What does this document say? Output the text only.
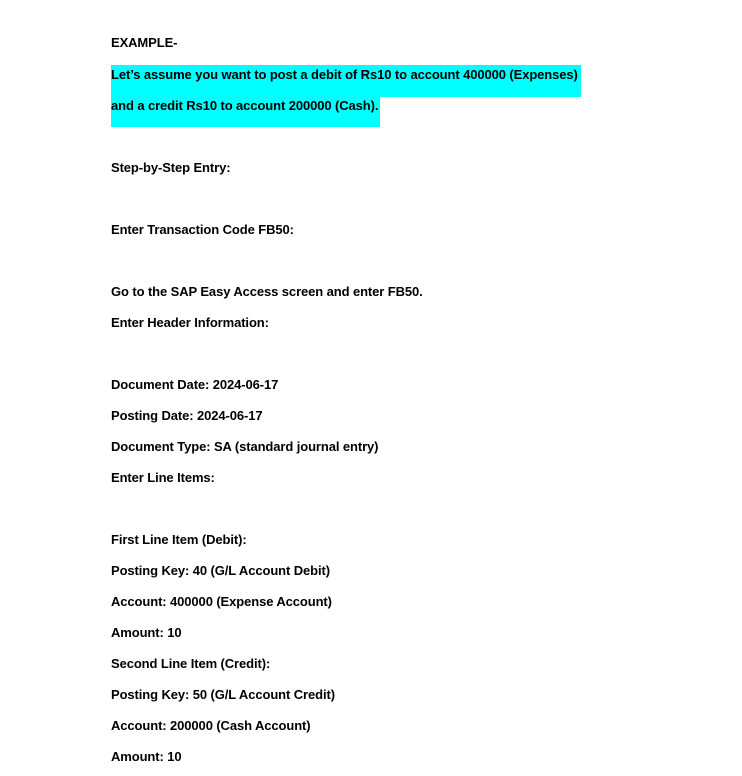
EXAMPLE-
Let’s assume you want to post a debit of Rs10 to account 400000 (Expenses)
and a credit Rs10 to account 200000 (Cash).
Step-by-Step Entry:
Enter Transaction Code FB50:
Go to the SAP Easy Access screen and enter FB50.
Enter Header Information:
Document Date: 2024-06-17
Posting Date: 2024-06-17
Document Type: SA (standard journal entry)
Enter Line Items:
First Line Item (Debit):
Posting Key: 40 (G/L Account Debit)
Account: 400000 (Expense Account)
Amount: 10
Second Line Item (Credit):
Posting Key: 50 (G/L Account Credit)
Account: 200000 (Cash Account)
Amount: 10
